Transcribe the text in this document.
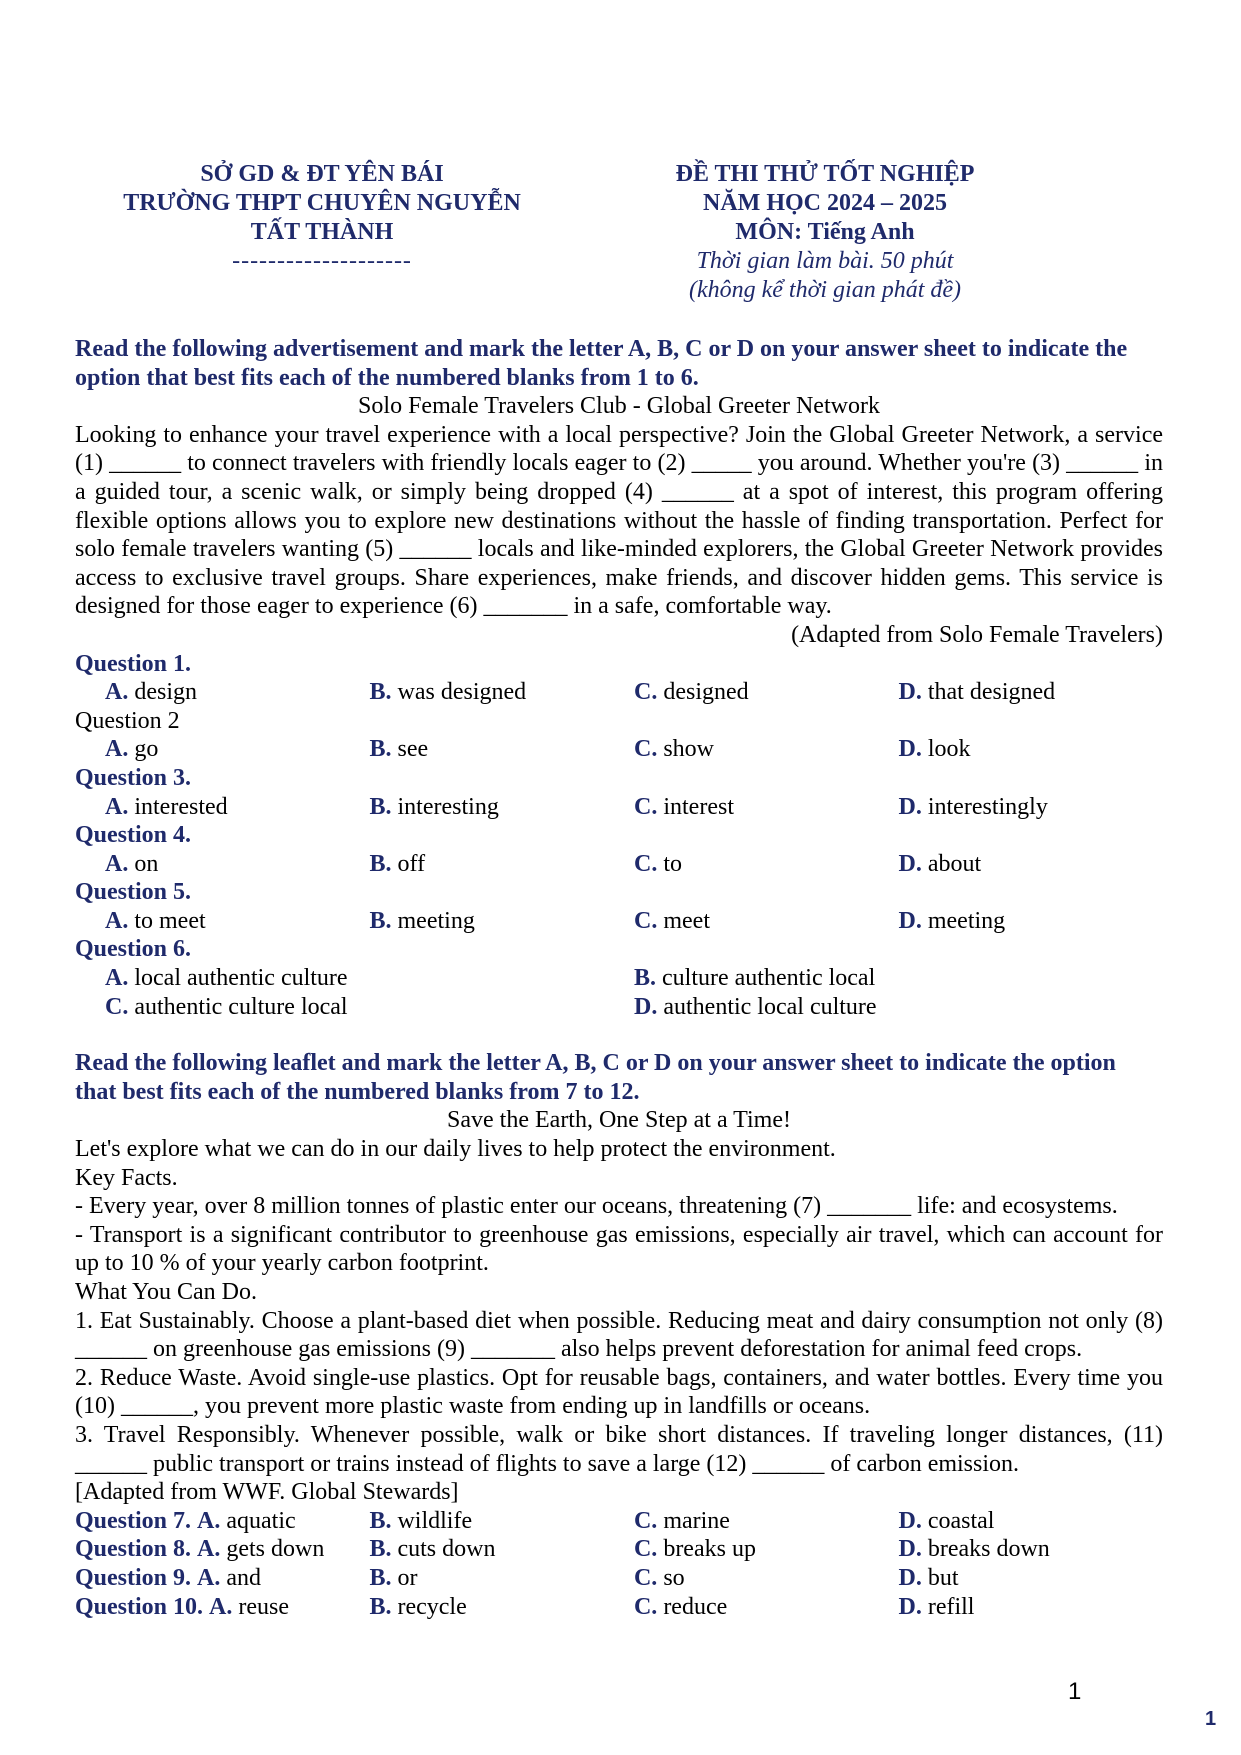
SỞ GD & ĐT YÊN BÁI
TRƯỜNG THPT CHUYÊN NGUYỄN
TẤT THÀNH
--------------------
ĐỀ THI THỬ TỐT NGHIỆP
NĂM HỌC 2024 – 2025
MÔN: Tiếng Anh
Thời gian làm bài. 50 phút
(không kể thời gian phát đề)
Read the following advertisement and mark the letter A, B, C or D on your answer sheet to indicate the option that best fits each of the numbered blanks from 1 to 6.
Solo Female Travelers Club - Global Greeter Network
Looking to enhance your travel experience with a local perspective? Join the Global Greeter Network, a service (1) ______ to connect travelers with friendly locals eager to (2) _____ you around. Whether you're (3) ______ in a guided tour, a scenic walk, or simply being dropped (4) ______ at a spot of interest, this program offering flexible options allows you to explore new destinations without the hassle of finding transportation. Perfect for solo female travelers wanting (5) ______ locals and like-minded explorers, the Global Greeter Network provides access to exclusive travel groups. Share experiences, make friends, and discover hidden gems. This service is designed for those eager to experience (6) _______ in a safe, comfortable way.
(Adapted from Solo Female Travelers)
Question 1.
A. design	B. was designed	C. designed	D. that designed
Question 2
A. go	B. see	C. show	D. look
Question 3.
A. interested	B. interesting	C. interest	D. interestingly
Question 4.
A. on	B. off	C. to	D. about
Question 5.
A. to meet	B. meeting	C. meet	D. meeting
Question 6.
A. local authentic culture	B. culture authentic local
C. authentic culture local	D. authentic local culture
Read the following leaflet and mark the letter A, B, C or D on your answer sheet to indicate the option that best fits each of the numbered blanks from 7 to 12.
Save the Earth, One Step at a Time!
Let's explore what we can do in our daily lives to help protect the environment.
Key Facts.
- Every year, over 8 million tonnes of plastic enter our oceans, threatening (7) _______ life: and ecosystems.
- Transport is a significant contributor to greenhouse gas emissions, especially air travel, which can account for up to 10 % of your yearly carbon footprint.
What You Can Do.
1. Eat Sustainably. Choose a plant-based diet when possible. Reducing meat and dairy consumption not only (8) ______ on greenhouse gas emissions (9) _______ also helps prevent deforestation for animal feed crops.
2. Reduce Waste. Avoid single-use plastics. Opt for reusable bags, containers, and water bottles. Every time you (10) ______, you prevent more plastic waste from ending up in landfills or oceans.
3. Travel Responsibly. Whenever possible, walk or bike short distances. If traveling longer distances, (11) ______ public transport or trains instead of flights to save a large (12) ______ of carbon emission.
[Adapted from WWF. Global Stewards]
Question 7. A. aquatic	B. wildlife	C. marine	D. coastal
Question 8. A. gets down	B. cuts down	C. breaks up	D. breaks down
Question 9. A. and	B. or	C. so	D. but
Question 10. A. reuse	B. recycle	C. reduce	D. refill
1
1
